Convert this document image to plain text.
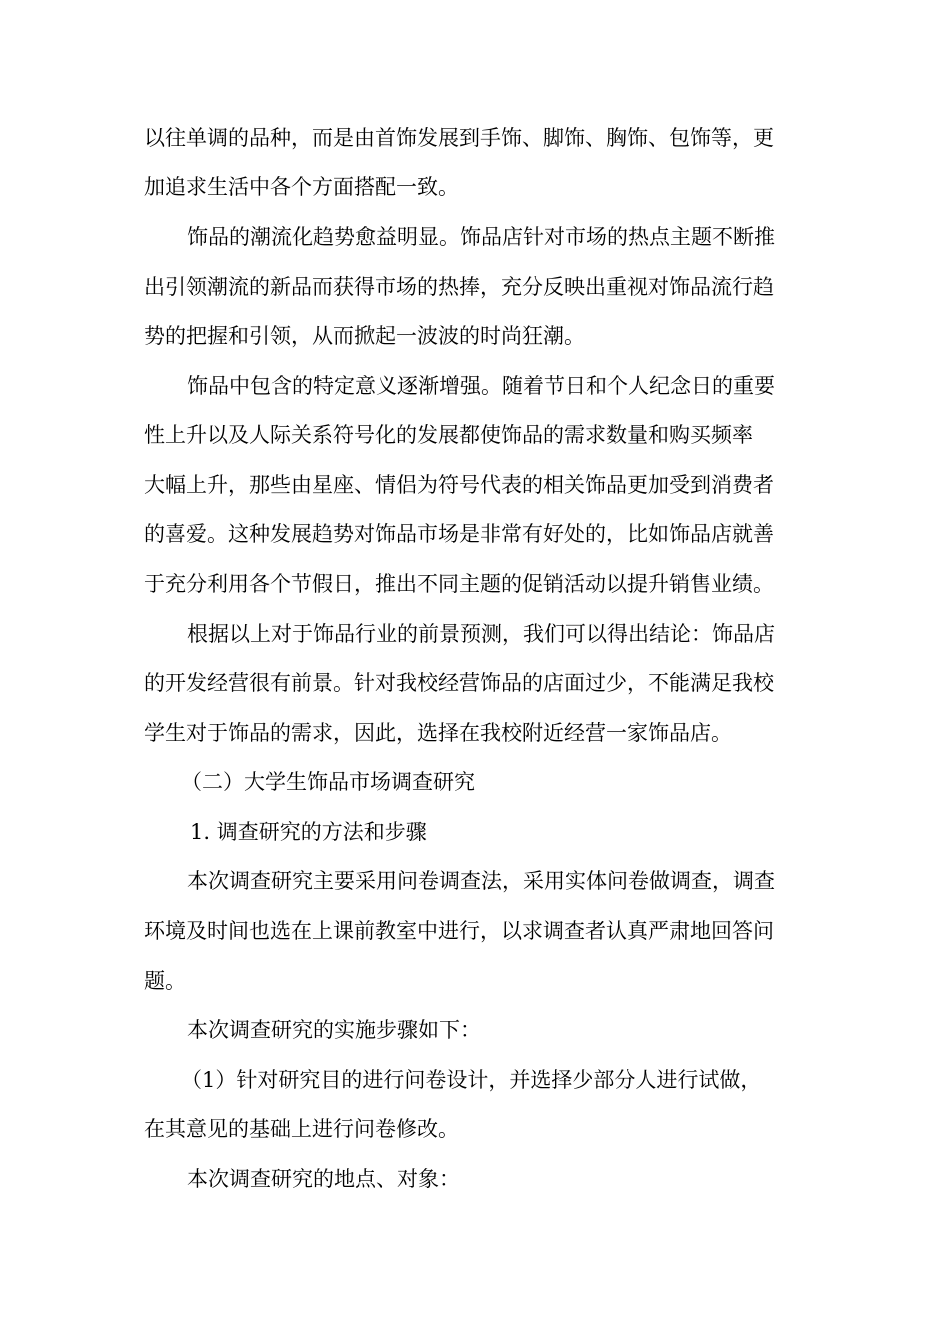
以往单调的品种，而是由首饰发展到手饰、脚饰、胸饰、包饰等，更
加追求生活中各个方面搭配一致。
饰品的潮流化趋势愈益明显。饰品店针对市场的热点主题不断推
出引领潮流的新品而获得市场的热捧，充分反映出重视对饰品流行趋
势的把握和引领，从而掀起一波波的时尚狂潮。
饰品中包含的特定意义逐渐增强。随着节日和个人纪念日的重要
性上升以及人际关系符号化的发展都使饰品的需求数量和购买频率
大幅上升，那些由星座、情侣为符号代表的相关饰品更加受到消费者
的喜爱。这种发展趋势对饰品市场是非常有好处的，比如饰品店就善
于充分利用各个节假日，推出不同主题的促销活动以提升销售业绩。
根据以上对于饰品行业的前景预测，我们可以得出结论：饰品店
的开发经营很有前景。针对我校经营饰品的店面过少，不能满足我校
学生对于饰品的需求，因此，选择在我校附近经营一家饰品店。
（二）大学生饰品市场调查研究
1. 调查研究的方法和步骤
本次调查研究主要采用问卷调查法，采用实体问卷做调查，调查
环境及时间也选在上课前教室中进行，以求调查者认真严肃地回答问
题。
本次调查研究的实施步骤如下：
（1）针对研究目的进行问卷设计，并选择少部分人进行试做，
在其意见的基础上进行问卷修改。
本次调查研究的地点、对象：
